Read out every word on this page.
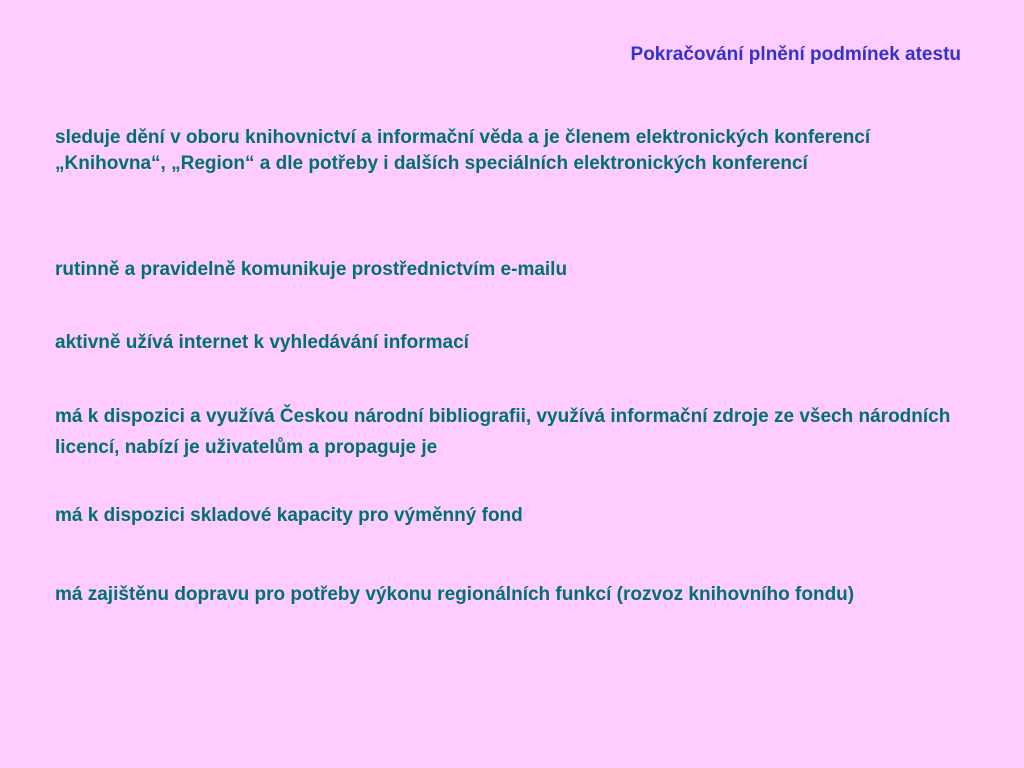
Pokračování plnění podmínek atestu

sleduje dění v oboru knihovnictví a informační věda a je členem elektronických konferencí „Knihovna“, „Region“ a dle potřeby i dalších speciálních elektronických konferencí

rutinně a pravidelně komunikuje prostřednictvím e-mailu

aktivně užívá internet k vyhledávání informací

má k dispozici a využívá Českou národní bibliografii, využívá informační zdroje ze všech národních licencí, nabízí je uživatelům a propaguje je

má k dispozici skladové kapacity pro výměnný fond

má zajištěnu dopravu pro potřeby výkonu regionálních funkcí (rozvoz knihovního fondu)
